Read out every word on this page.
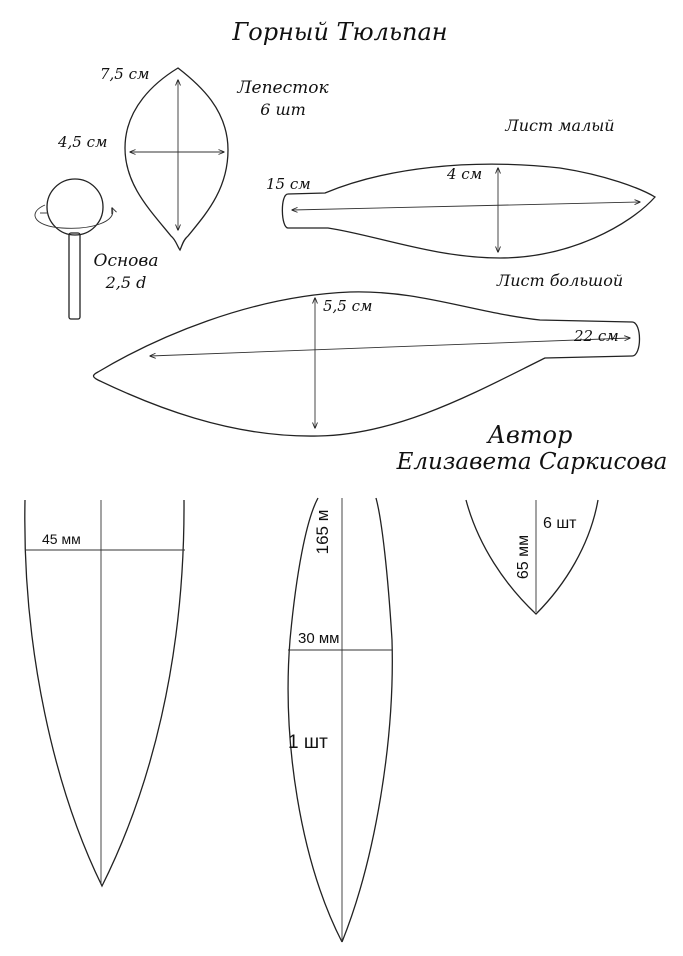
Горный Тюльпан
7,5 см
4,5 см
Лепесток
6 шт
Основа
2,5 d
15 см
4 см
Лист малый
5,5 см
22 см
Лист большой
Автор
Елизавета Саркисова
45 мм	165 м
30 мм
1 шт
65 мм
6 шт
